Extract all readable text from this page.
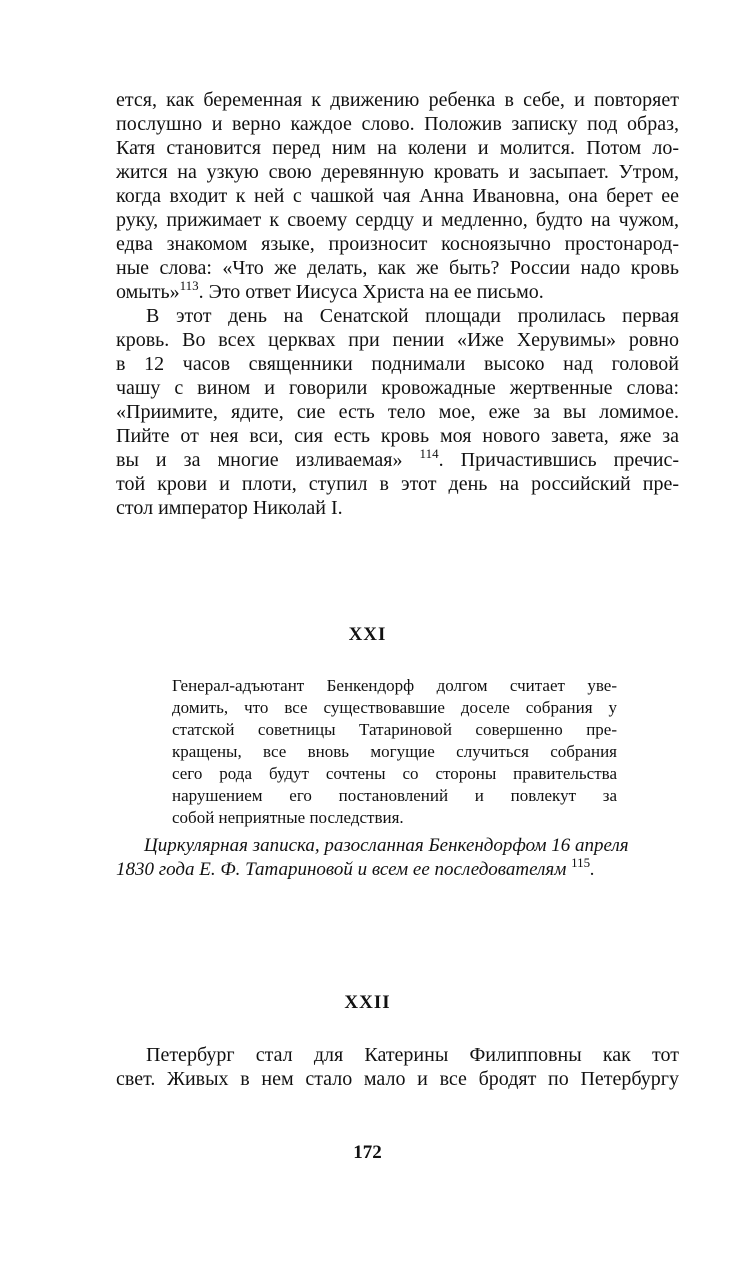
ется, как беременная к движению ребенка в себе, и повторяет
послушно и верно каждое слово. Положив записку под образ,
Катя становится перед ним на колени и молится. Потом ло-
жится на узкую свою деревянную кровать и засыпает. Утром,
когда входит к ней с чашкой чая Анна Ивановна, она берет ее
руку, прижимает к своему сердцу и медленно, будто на чужом,
едва знакомом языке, произносит косноязычно простонарод-
ные слова: «Что же делать, как же быть? России надо кровь
омыть»$^{113}$. Это ответ Иисуса Христа на ее письмо.
В этот день на Сенатской площади пролилась первая
кровь. Во всех церквах при пении «Иже Херувимы» ровно
в 12 часов священники поднимали высоко над головой
чашу с вином и говорили кровожадные жертвенные слова:
«Приимите, ядите, сие есть тело мое, еже за вы ломимое.
Пийте от нея вси, сия есть кровь моя нового завета, яже за
вы и за многие изливаемая» $^{114}$. Причастившись пречис-
той крови и плоти, ступил в этот день на российский пре-
стол император Николай I.
XXI
Генерал-адъютант Бенкендорф долгом считает уве-
домить, что все существовавшие доселе собрания у
статской советницы Татариновой совершенно пре-
кращены, все вновь могущие случиться собрания
сего рода будут сочтены со стороны правительства
нарушением его постановлений и повлекут за
собой неприятные последствия.
Циркулярная записка, разосланная Бенкендорфом 16 апреля
1830 года Е. Ф. Татариновой и всем ее последователям $^{115}$.
XXII
Петербург стал для Катерины Филипповны как тот
свет. Живых в нем стало мало и все бродят по Петербургу
172
